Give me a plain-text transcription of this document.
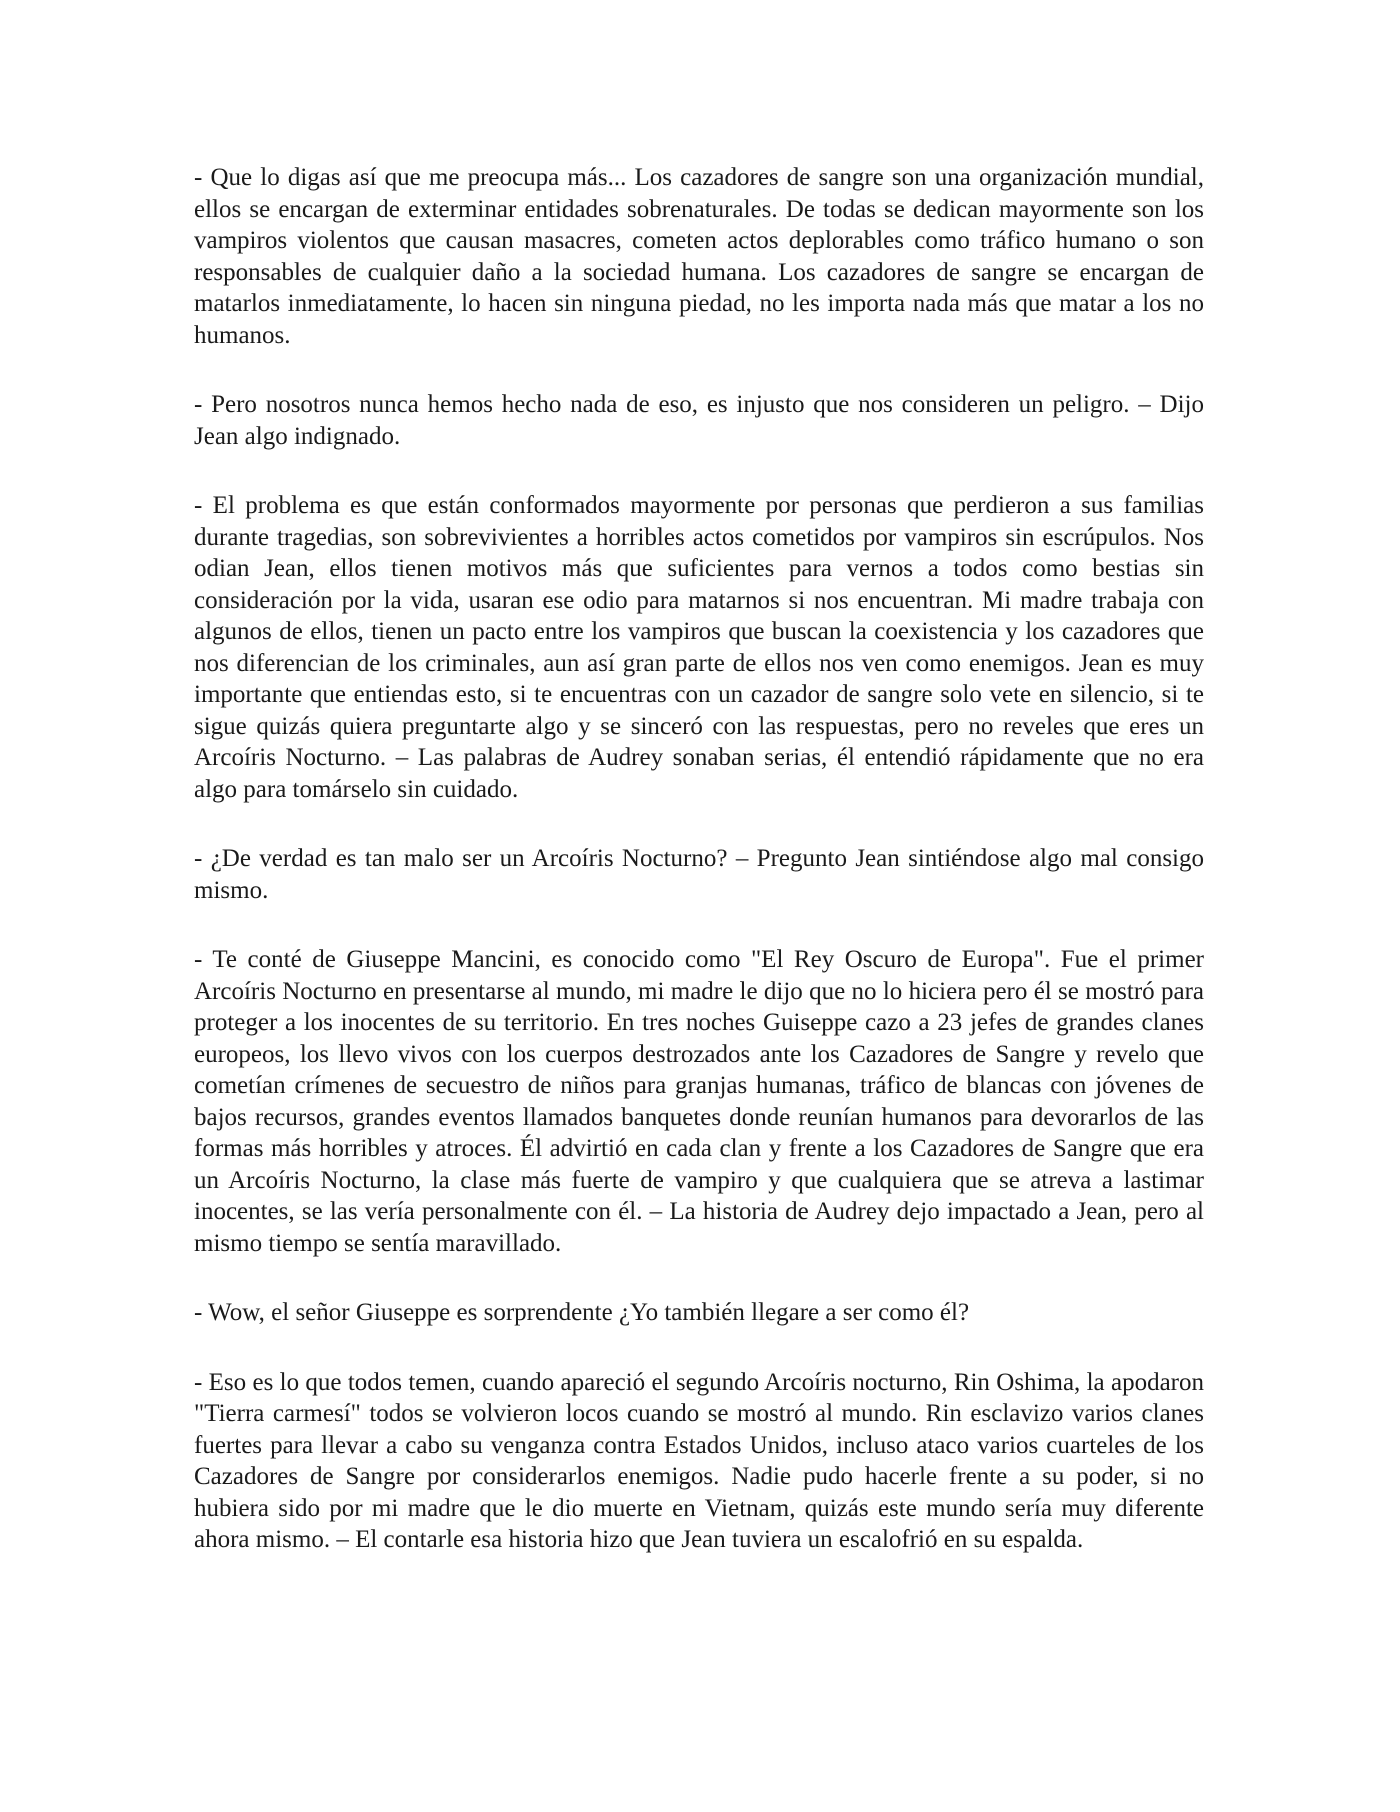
- Que lo digas así que me preocupa más... Los cazadores de sangre son una organización mundial, ellos se encargan de exterminar entidades sobrenaturales. De todas se dedican mayormente son los vampiros violentos que causan masacres, cometen actos deplorables como tráfico humano o son responsables de cualquier daño a la sociedad humana. Los cazadores de sangre se encargan de matarlos inmediatamente, lo hacen sin ninguna piedad, no les importa nada más que matar a los no humanos.

- Pero nosotros nunca hemos hecho nada de eso, es injusto que nos consideren un peligro. – Dijo Jean algo indignado.

- El problema es que están conformados mayormente por personas que perdieron a sus familias durante tragedias, son sobrevivientes a horribles actos cometidos por vampiros sin escrúpulos. Nos odian Jean, ellos tienen motivos más que suficientes para vernos a todos como bestias sin consideración por la vida, usaran ese odio para matarnos si nos encuentran. Mi madre trabaja con algunos de ellos, tienen un pacto entre los vampiros que buscan la coexistencia y los cazadores que nos diferencian de los criminales, aun así gran parte de ellos nos ven como enemigos. Jean es muy importante que entiendas esto, si te encuentras con un cazador de sangre solo vete en silencio, si te sigue quizás quiera preguntarte algo y se sinceró con las respuestas, pero no reveles que eres un Arcoíris Nocturno. – Las palabras de Audrey sonaban serias, él entendió rápidamente que no era algo para tomárselo sin cuidado.

- ¿De verdad es tan malo ser un Arcoíris Nocturno? – Pregunto Jean sintiéndose algo mal consigo mismo.

- Te conté de Giuseppe Mancini, es conocido como "El Rey Oscuro de Europa". Fue el primer Arcoíris Nocturno en presentarse al mundo, mi madre le dijo que no lo hiciera pero él se mostró para proteger a los inocentes de su territorio. En tres noches Guiseppe cazo a 23 jefes de grandes clanes europeos, los llevo vivos con los cuerpos destrozados ante los Cazadores de Sangre y revelo que cometían crímenes de secuestro de niños para granjas humanas, tráfico de blancas con jóvenes de bajos recursos, grandes eventos llamados banquetes donde reunían humanos para devorarlos de las formas más horribles y atroces. Él advirtió en cada clan y frente a los Cazadores de Sangre que era un Arcoíris Nocturno, la clase más fuerte de vampiro y que cualquiera que se atreva a lastimar inocentes, se las vería personalmente con él. – La historia de Audrey dejo impactado a Jean, pero al mismo tiempo se sentía maravillado.

- Wow, el señor Giuseppe es sorprendente ¿Yo también llegare a ser como él?

- Eso es lo que todos temen, cuando apareció el segundo Arcoíris nocturno, Rin Oshima, la apodaron "Tierra carmesí" todos se volvieron locos cuando se mostró al mundo. Rin esclavizo varios clanes fuertes para llevar a cabo su venganza contra Estados Unidos, incluso ataco varios cuarteles de los Cazadores de Sangre por considerarlos enemigos. Nadie pudo hacerle frente a su poder, si no hubiera sido por mi madre que le dio muerte en Vietnam, quizás este mundo sería muy diferente ahora mismo. – El contarle esa historia hizo que Jean tuviera un escalofrió en su espalda.
